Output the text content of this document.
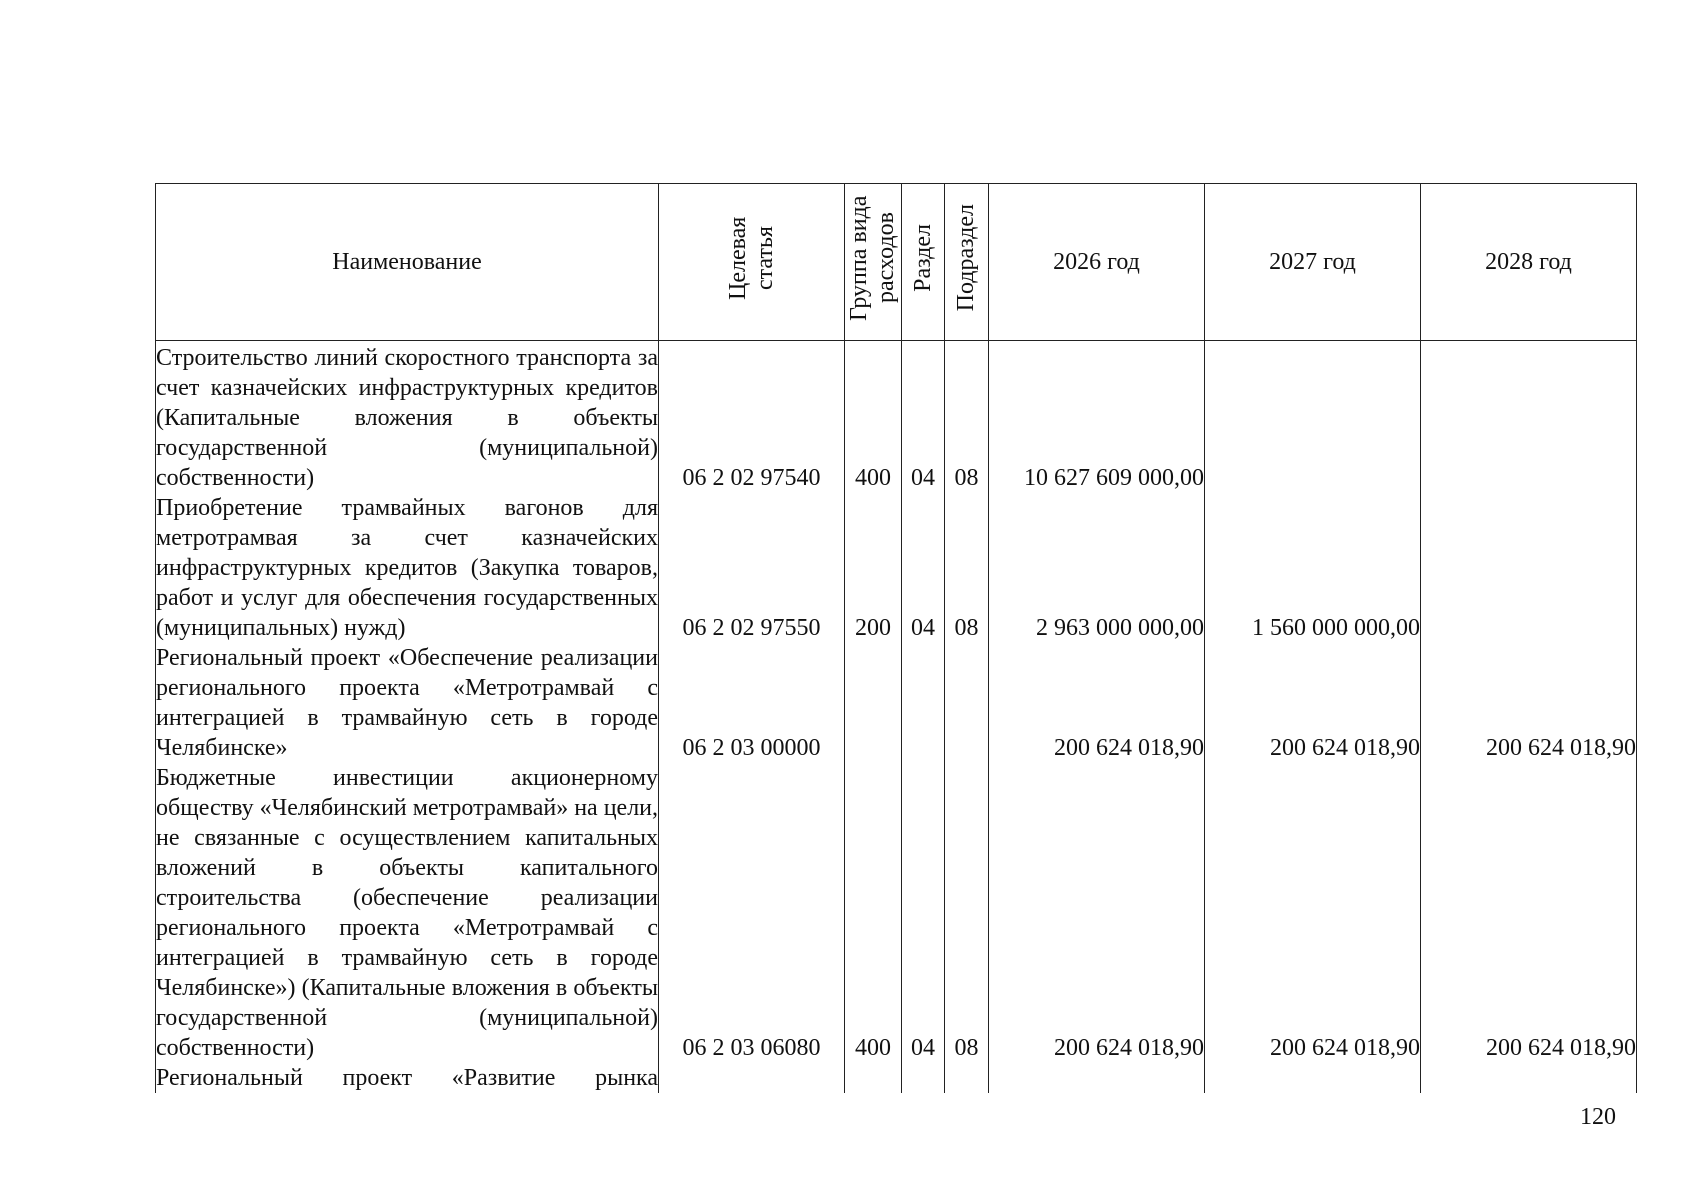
Наименование	Целевая статья	Группа вида расходов	Раздел	Подраздел	2026 год	2027 год	2028 год
Строительство линий скоростного транспорта за счет казначейских инфраструктурных кредитов (Капитальные вложения в объекты государственной (муниципальной) собственности)	06 2 02 97540	400	04	08	10 627 609 000,00		
Приобретение трамвайных вагонов для метротрамвая за счет казначейских инфраструктурных кредитов (Закупка товаров, работ и услуг для обеспечения государственных (муниципальных) нужд)	06 2 02 97550	200	04	08	2 963 000 000,00	1 560 000 000,00	
Региональный проект «Обеспечение реализации регионального проекта «Метротрамвай с интеграцией в трамвайную сеть в городе Челябинске»	06 2 03 00000				200 624 018,90	200 624 018,90	200 624 018,90
Бюджетные инвестиции акционерному обществу «Челябинский метротрамвай» на цели, не связанные с осуществлением капитальных вложений в объекты капитального строительства (обеспечение реализации регионального проекта «Метротрамвай с интеграцией в трамвайную сеть в городе Челябинске») (Капитальные вложения в объекты государственной (муниципальной) собственности)	06 2 03 06080	400	04	08	200 624 018,90	200 624 018,90	200 624 018,90

Региональный проект «Развитие рынка							

120
